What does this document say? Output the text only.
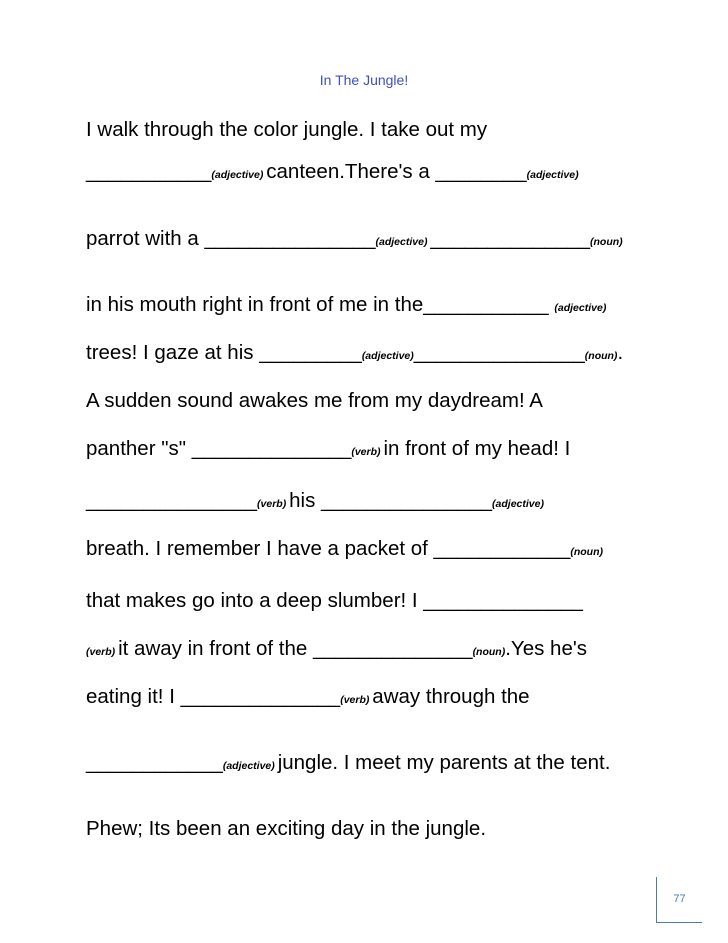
In The Jungle!
I walk through the color jungle. I take out my
___________(adjective) canteen.There's a ________(adjective)
parrot with a _______________(adjective) ______________(noun)
in his mouth right in front of me in the___________ (adjective)
trees! I gaze at his _________(adjective)_______________(noun).
A sudden sound awakes me from my daydream! A
panther "s" ______________(verb) in front of my head! I
_______________(verb) his _______________(adjective)
breath. I remember I have a packet of ____________(noun)
that makes go into a deep slumber! I ______________
(verb) it away in front of the ______________(noun).Yes he's
eating it! I ______________(verb) away through the
____________(adjective) jungle. I meet my parents at the tent.
Phew; Its been an exciting day in the jungle.
77
